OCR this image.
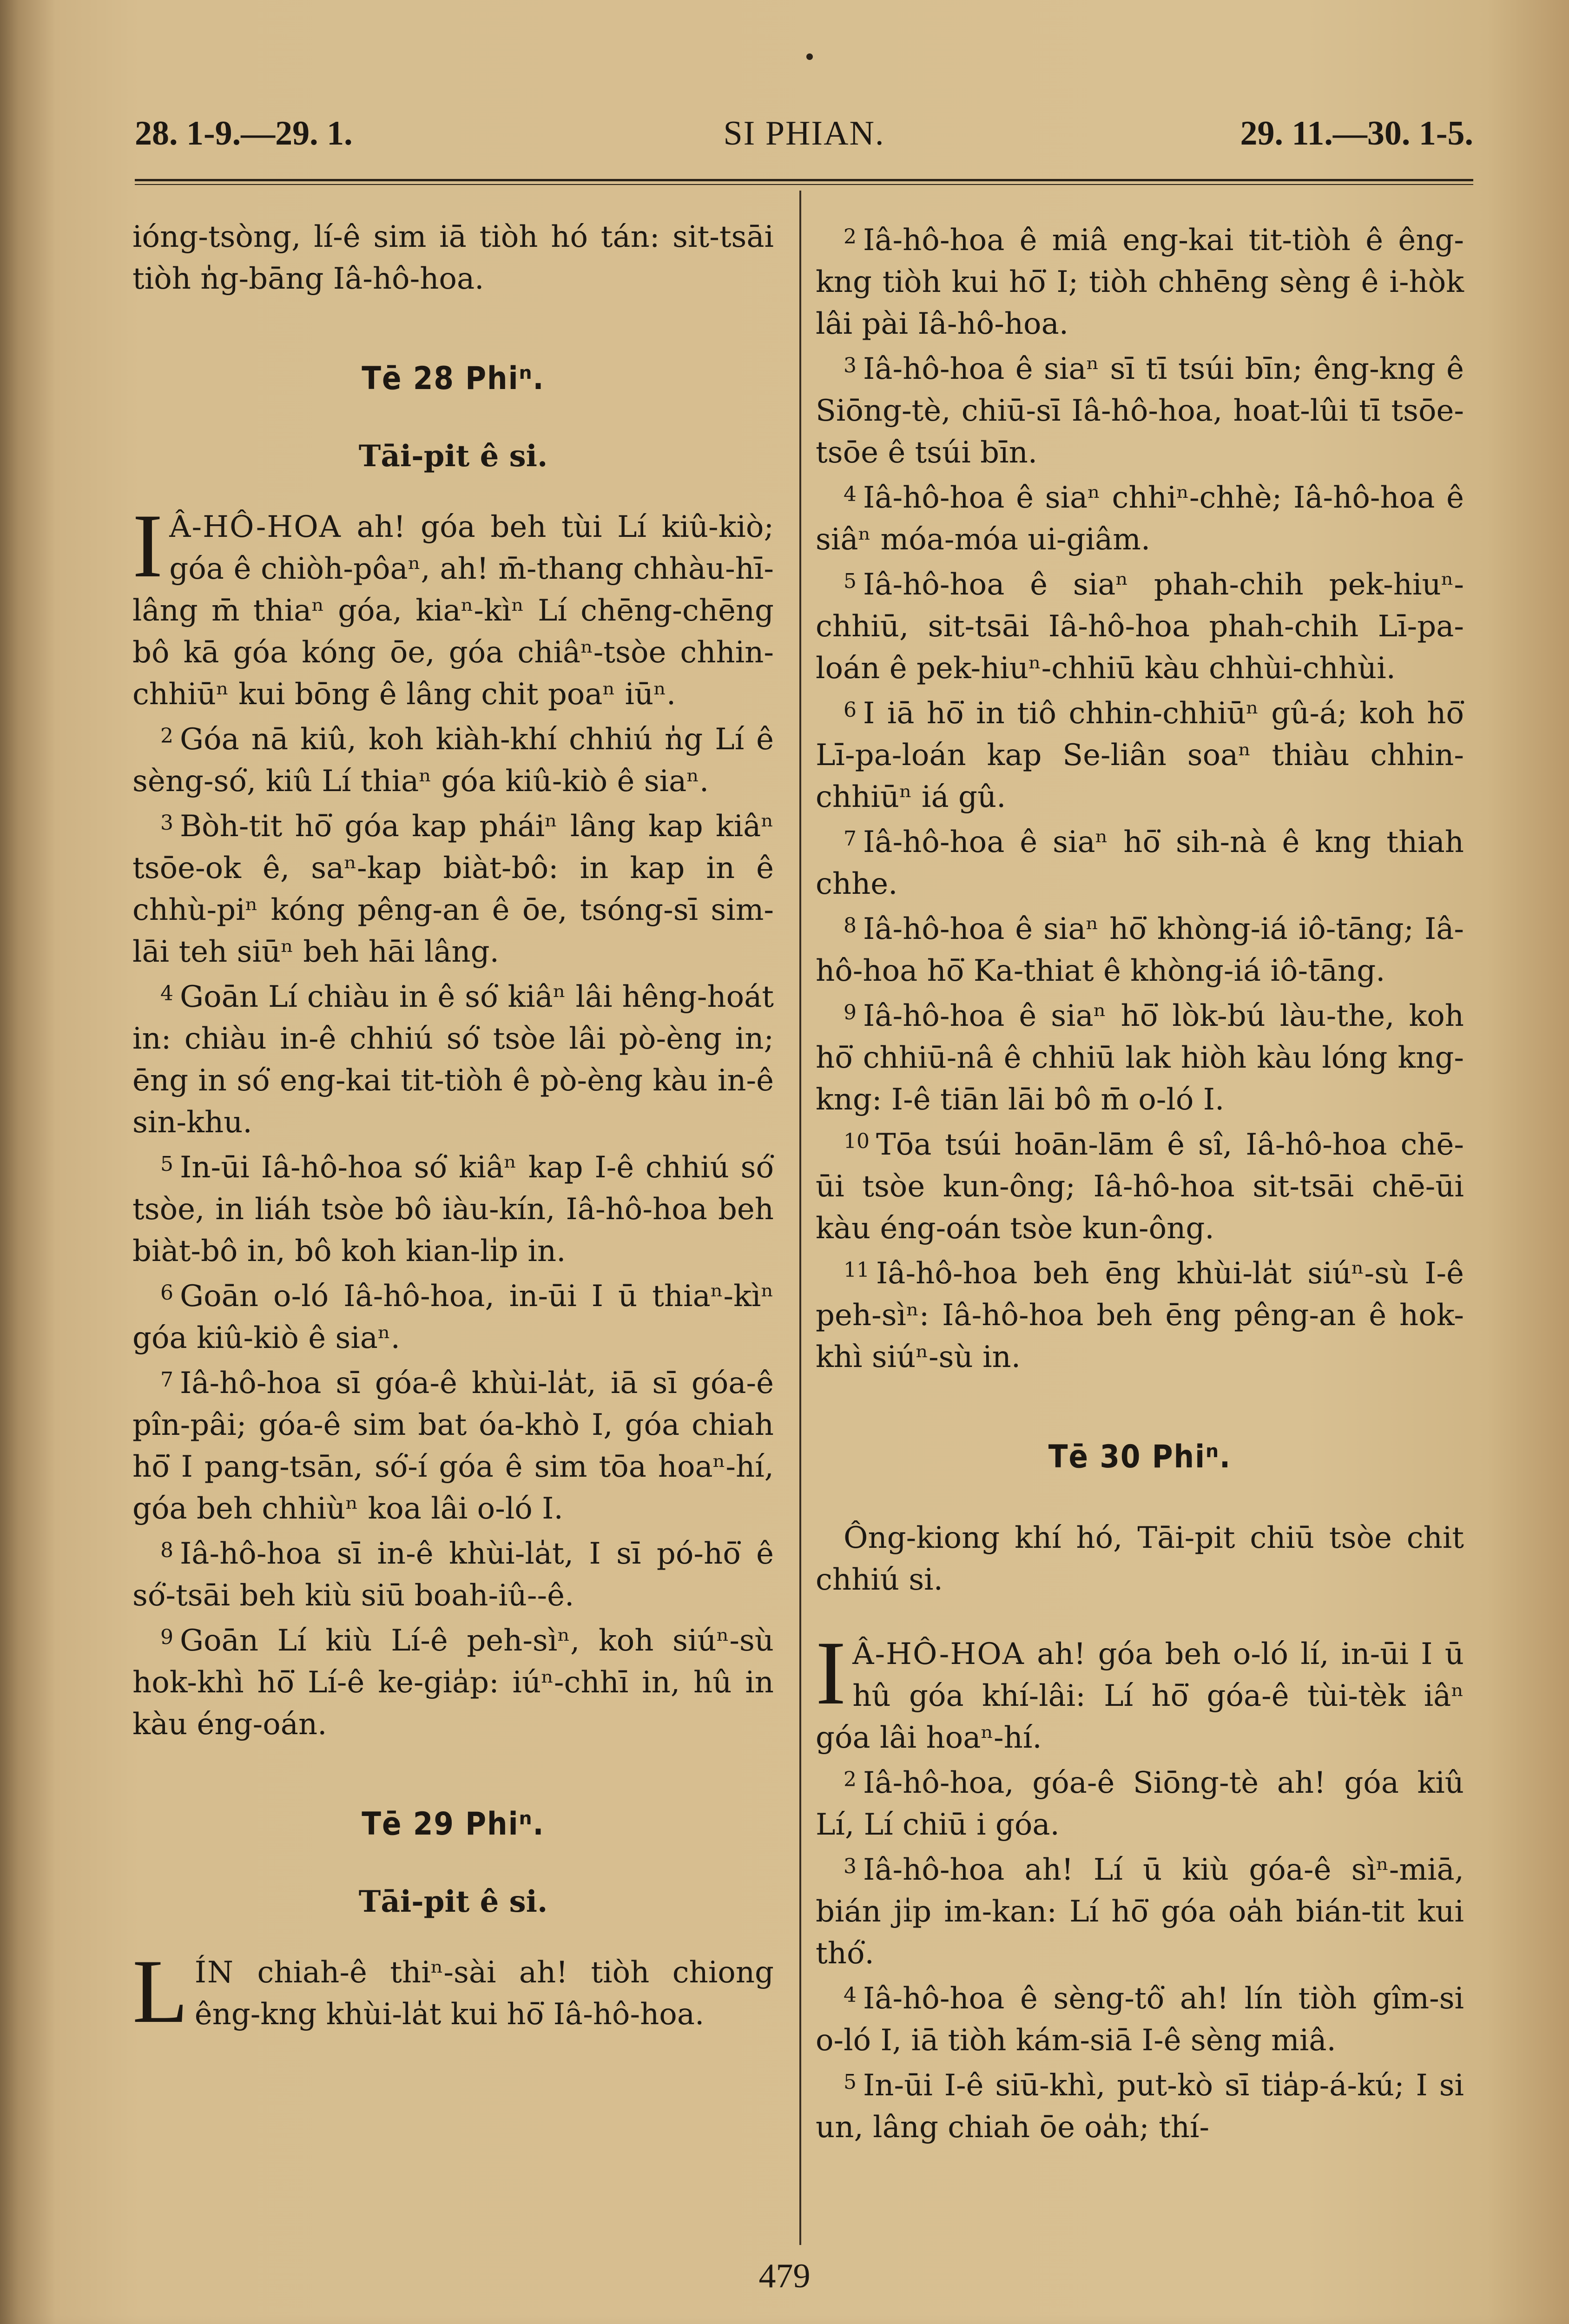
28. 1-9.—29. 1.	SI PHIAN.	29. 11.—30. 1-5.

ióng-tsòng, lí-ê sim iā tiòh hó tán: sit-tsāi tiòh n̍g-bāng Iâ-hô-hoa.

Tē 28 Phiⁿ.
Tāi-pit ê si.

I Â-HÔ-HOA ah! góa beh tùi Lí kiû-kiò; góa ê chiòh-pôaⁿ, ah! m̄-thang chhàu-hī-lâng m̄ thiaⁿ góa, kiaⁿ-kìⁿ Lí chēng-chēng bô kā góa kóng ōe, góa chiâⁿ-tsòe chhin-chhiūⁿ kui bōng ê lâng chit poaⁿ iūⁿ.

$^2$ Góa nā kiû, koh kiàh-khí chhiú n̍g Lí ê sèng-só͘, kiû Lí thiaⁿ góa kiû-kiò ê siaⁿ.

$^3$ Bòh-tit hō͘ góa kap pháiⁿ lâng kap kiâⁿ tsōe-ok ê, saⁿ-kap biàt-bô: in kap in ê chhù-piⁿ kóng pêng-an ê ōe, tsóng-sī sim-lāi teh siūⁿ beh hāi lâng.

$^4$ Goān Lí chiàu in ê só͘ kiâⁿ lâi hêng-hoát in: chiàu in-ê chhiú só͘ tsòe lâi pò-èng in; ēng in só͘ eng-kai tit-tiòh ê pò-èng kàu in-ê sin-khu.

$^5$ In-ūi Iâ-hô-hoa só͘ kiâⁿ kap I-ê chhiú só͘ tsòe, in liáh tsòe bô iàu-kín, Iâ-hô-hoa beh biàt-bô in, bô koh kian-li̍p in.

$^6$ Goān o-ló Iâ-hô-hoa, in-ūi I ū thiaⁿ-kìⁿ góa kiû-kiò ê siaⁿ.

$^7$ Iâ-hô-hoa sī góa-ê khùi-la̍t, iā sī góa-ê pîn-pâi; góa-ê sim bat óa-khò I, góa chiah hō͘ I pang-tsān, só͘-í góa ê sim tōa hoaⁿ-hí, góa beh chhiùⁿ koa lâi o-ló I.

$^8$ Iâ-hô-hoa sī in-ê khùi-la̍t, I sī pó-hō͘ ê só͘-tsāi beh kiù siū boah-iû--ê.

$^9$ Goān Lí kiù Lí-ê peh-sìⁿ, koh siúⁿ-sù hok-khì hō͘ Lí-ê ke-gia̍p: iúⁿ-chhī in, hû in kàu éng-oán.

Tē 29 Phiⁿ.
Tāi-pit ê si.

LÍN chiah-ê thiⁿ-sài ah! tiòh chiong êng-kng khùi-la̍t kui hō͘ Iâ-hô-hoa.

$^2$ Iâ-hô-hoa ê miâ eng-kai tit-tiòh ê êng-kng tiòh kui hō͘ I; tiòh chhēng sèng ê i-hòk lâi pài Iâ-hô-hoa.

$^3$ Iâ-hô-hoa ê siaⁿ sī tī tsúi bīn; êng-kng ê Siōng-tè, chiū-sī Iâ-hô-hoa, hoat-lûi tī tsōe-tsōe ê tsúi bīn.

$^4$ Iâ-hô-hoa ê siaⁿ chhiⁿ-chhè; Iâ-hô-hoa ê siâⁿ móa-móa ui-giâm.

$^5$ Iâ-hô-hoa ê siaⁿ phah-chih pek-hiuⁿ-chhiū, sit-tsāi Iâ-hô-hoa phah-chih Lī-pa-loán ê pek-hiuⁿ-chhiū kàu chhùi-chhùi.

$^6$ I iā hō͘ in tiô chhin-chhiūⁿ gû-á; koh hō͘ Lī-pa-loán kap Se-liân soaⁿ thiàu chhin-chhiūⁿ iá gû.

$^7$ Iâ-hô-hoa ê siaⁿ hō͘ sih-nà ê kng thiah chhe.

$^8$ Iâ-hô-hoa ê siaⁿ hō͘ khòng-iá iô-tāng; Iâ-hô-hoa hō͘ Ka-thiat ê khòng-iá iô-tāng.

$^9$ Iâ-hô-hoa ê siaⁿ hō͘ lòk-bú làu-the, koh hō͘ chhiū-nâ ê chhiū lak hiòh kàu lóng kng-kng: I-ê tiān lāi bô m̄ o-ló I.

$^{10}$ Tōa tsúi hoān-lām ê sî, Iâ-hô-hoa chē-ūi tsòe kun-ông; Iâ-hô-hoa sit-tsāi chē-ūi kàu éng-oán tsòe kun-ông.

$^{11}$ Iâ-hô-hoa beh ēng khùi-la̍t siúⁿ-sù I-ê peh-sìⁿ: Iâ-hô-hoa beh ēng pêng-an ê hok-khì siúⁿ-sù in.

Tē 30 Phiⁿ.

Ông-kiong khí hó, Tāi-pit chiū tsòe chit chhiú si.

I Â-HÔ-HOA ah! góa beh o-ló lí, in-ūi I ū hû góa khí-lâi: Lí hō͘ góa-ê tùi-tèk iâⁿ góa lâi hoaⁿ-hí.

$^2$ Iâ-hô-hoa, góa-ê Siōng-tè ah! góa kiû Lí, Lí chiū i góa.

$^3$ Iâ-hô-hoa ah! Lí ū kiù góa-ê sìⁿ-miā, bián ji̍p im-kan: Lí hō͘ góa oa̍h bián-tit kui thó͘.

$^4$ Iâ-hô-hoa ê sèng-tô͘ ah! lín tiòh gîm-si o-ló I, iā tiòh kám-siā I-ê sèng miâ.

$^5$ In-ūi I-ê siū-khì, put-kò sī tia̍p-á-kú; I si un, lâng chiah ōe oa̍h; thí-

479
